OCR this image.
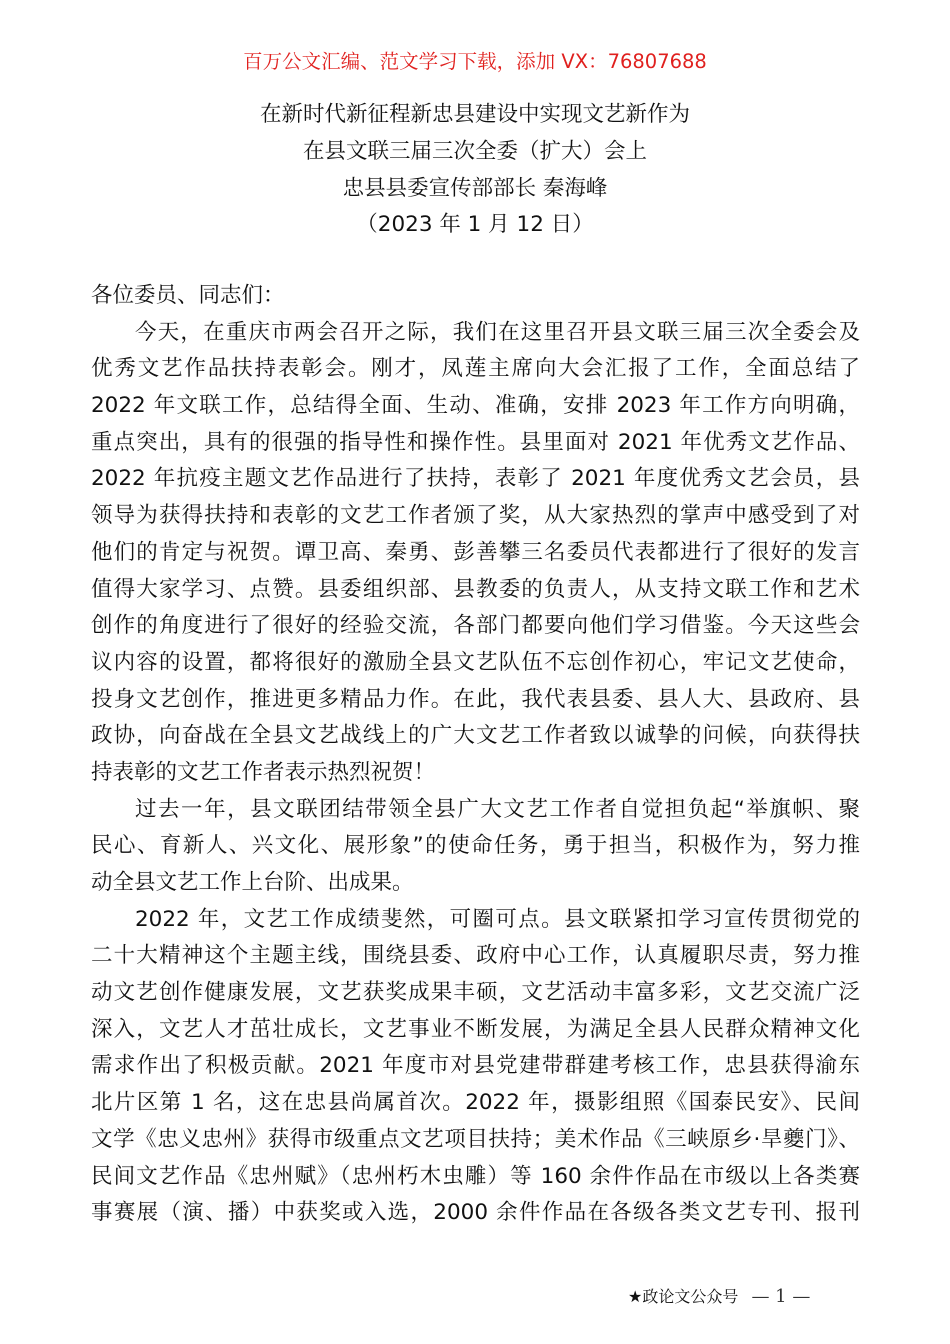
百万公文汇编、范文学习下载，添加 VX：76807688
在新时代新征程新忠县建设中实现文艺新作为
在县文联三届三次全委（扩大）会上
忠县县委宣传部部长 秦海峰
（2023 年 1 月 12 日）
各位委员、同志们：
今天，在重庆市两会召开之际，我们在这里召开县文联三届三次全委会及
优秀文艺作品扶持表彰会。刚才，凤莲主席向大会汇报了工作，全面总结了
2022 年文联工作，总结得全面、生动、准确，安排 2023 年工作方向明确，
重点突出，具有的很强的指导性和操作性。县里面对 2021 年优秀文艺作品、
2022 年抗疫主题文艺作品进行了扶持，表彰了 2021 年度优秀文艺会员，县
领导为获得扶持和表彰的文艺工作者颁了奖，从大家热烈的掌声中感受到了对
他们的肯定与祝贺。谭卫高、秦勇、彭善攀三名委员代表都进行了很好的发言
值得大家学习、点赞。县委组织部、县教委的负责人，从支持文联工作和艺术
创作的角度进行了很好的经验交流，各部门都要向他们学习借鉴。今天这些会
议内容的设置，都将很好的激励全县文艺队伍不忘创作初心，牢记文艺使命，
投身文艺创作，推进更多精品力作。在此，我代表县委、县人大、县政府、县
政协，向奋战在全县文艺战线上的广大文艺工作者致以诚挚的问候，向获得扶
持表彰的文艺工作者表示热烈祝贺！
过去一年，县文联团结带领全县广大文艺工作者自觉担负起“举旗帜、聚
民心、育新人、兴文化、展形象”的使命任务，勇于担当，积极作为，努力推
动全县文艺工作上台阶、出成果。
2022 年，文艺工作成绩斐然，可圈可点。县文联紧扣学习宣传贯彻党的
二十大精神这个主题主线，围绕县委、政府中心工作，认真履职尽责，努力推
动文艺创作健康发展，文艺获奖成果丰硕，文艺活动丰富多彩，文艺交流广泛
深入，文艺人才茁壮成长，文艺事业不断发展，为满足全县人民群众精神文化
需求作出了积极贡献。2021 年度市对县党建带群建考核工作，忠县获得渝东
北片区第 1 名，这在忠县尚属首次。2022 年，摄影组照《国泰民安》、民间
文学《忠义忠州》获得市级重点文艺项目扶持；美术作品《三峡原乡·旱夔门》、
民间文艺作品《忠州赋》（忠州朽木虫雕）等 160 余件作品在市级以上各类赛
事赛展（演、播）中获奖或入选，2000 余件作品在各级各类文艺专刊、报刊
★政论文公众号 — 1 —
